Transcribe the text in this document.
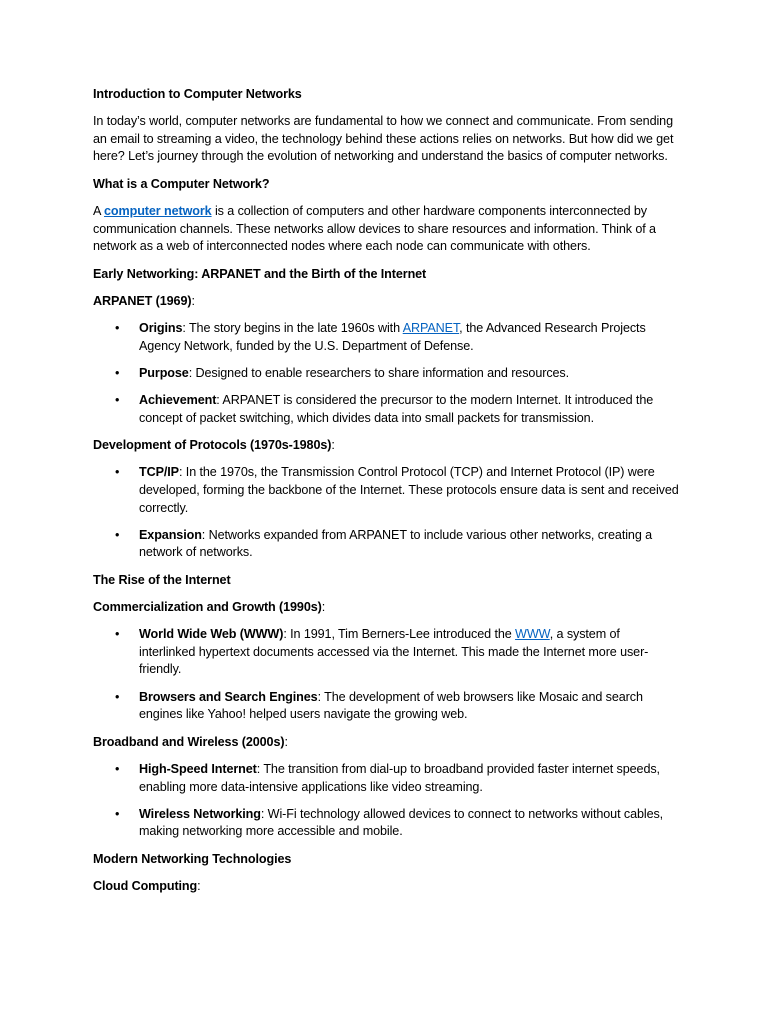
Introduction to Computer Networks
In today’s world, computer networks are fundamental to how we connect and communicate. From sending an email to streaming a video, the technology behind these actions relies on networks. But how did we get here? Let’s journey through the evolution of networking and understand the basics of computer networks.
What is a Computer Network?
A computer network is a collection of computers and other hardware components interconnected by communication channels. These networks allow devices to share resources and information. Think of a network as a web of interconnected nodes where each node can communicate with others.
Early Networking: ARPANET and the Birth of the Internet
ARPANET (1969):
• Origins: The story begins in the late 1960s with ARPANET, the Advanced Research Projects Agency Network, funded by the U.S. Department of Defense.
• Purpose: Designed to enable researchers to share information and resources.
• Achievement: ARPANET is considered the precursor to the modern Internet. It introduced the concept of packet switching, which divides data into small packets for transmission.
Development of Protocols (1970s-1980s):
• TCP/IP: In the 1970s, the Transmission Control Protocol (TCP) and Internet Protocol (IP) were developed, forming the backbone of the Internet. These protocols ensure data is sent and received correctly.
• Expansion: Networks expanded from ARPANET to include various other networks, creating a network of networks.
The Rise of the Internet
Commercialization and Growth (1990s):
• World Wide Web (WWW): In 1991, Tim Berners-Lee introduced the WWW, a system of interlinked hypertext documents accessed via the Internet. This made the Internet more user-friendly.
• Browsers and Search Engines: The development of web browsers like Mosaic and search engines like Yahoo! helped users navigate the growing web.
Broadband and Wireless (2000s):
• High-Speed Internet: The transition from dial-up to broadband provided faster internet speeds, enabling more data-intensive applications like video streaming.
• Wireless Networking: Wi-Fi technology allowed devices to connect to networks without cables, making networking more accessible and mobile.
Modern Networking Technologies
Cloud Computing:
